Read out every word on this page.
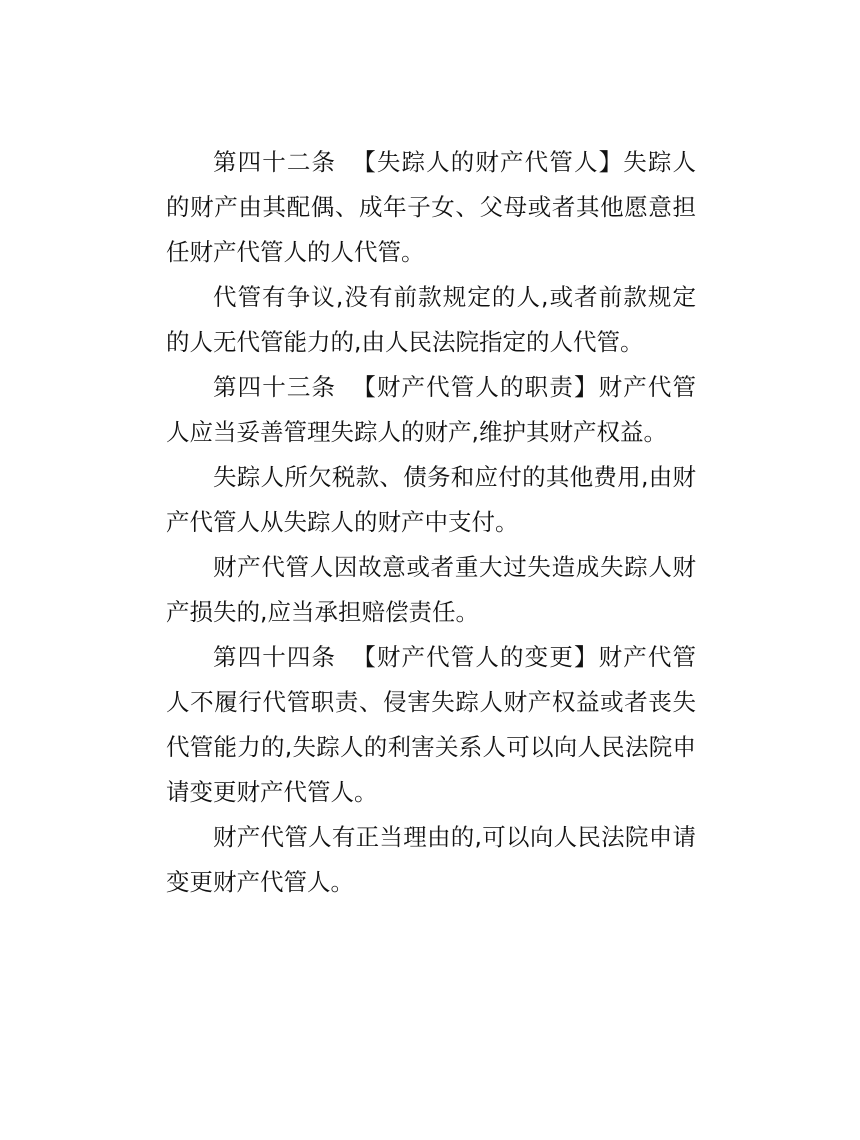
第四十二条 【失踪人的财产代管人】失踪人的财产由其配偶、成年子女、父母或者其他愿意担任财产代管人的人代管。

代管有争议,没有前款规定的人,或者前款规定的人无代管能力的,由人民法院指定的人代管。

第四十三条 【财产代管人的职责】财产代管人应当妥善管理失踪人的财产,维护其财产权益。

失踪人所欠税款、债务和应付的其他费用,由财产代管人从失踪人的财产中支付。

财产代管人因故意或者重大过失造成失踪人财产损失的,应当承担赔偿责任。

第四十四条 【财产代管人的变更】财产代管人不履行代管职责、侵害失踪人财产权益或者丧失代管能力的,失踪人的利害关系人可以向人民法院申请变更财产代管人。

财产代管人有正当理由的,可以向人民法院申请变更财产代管人。
